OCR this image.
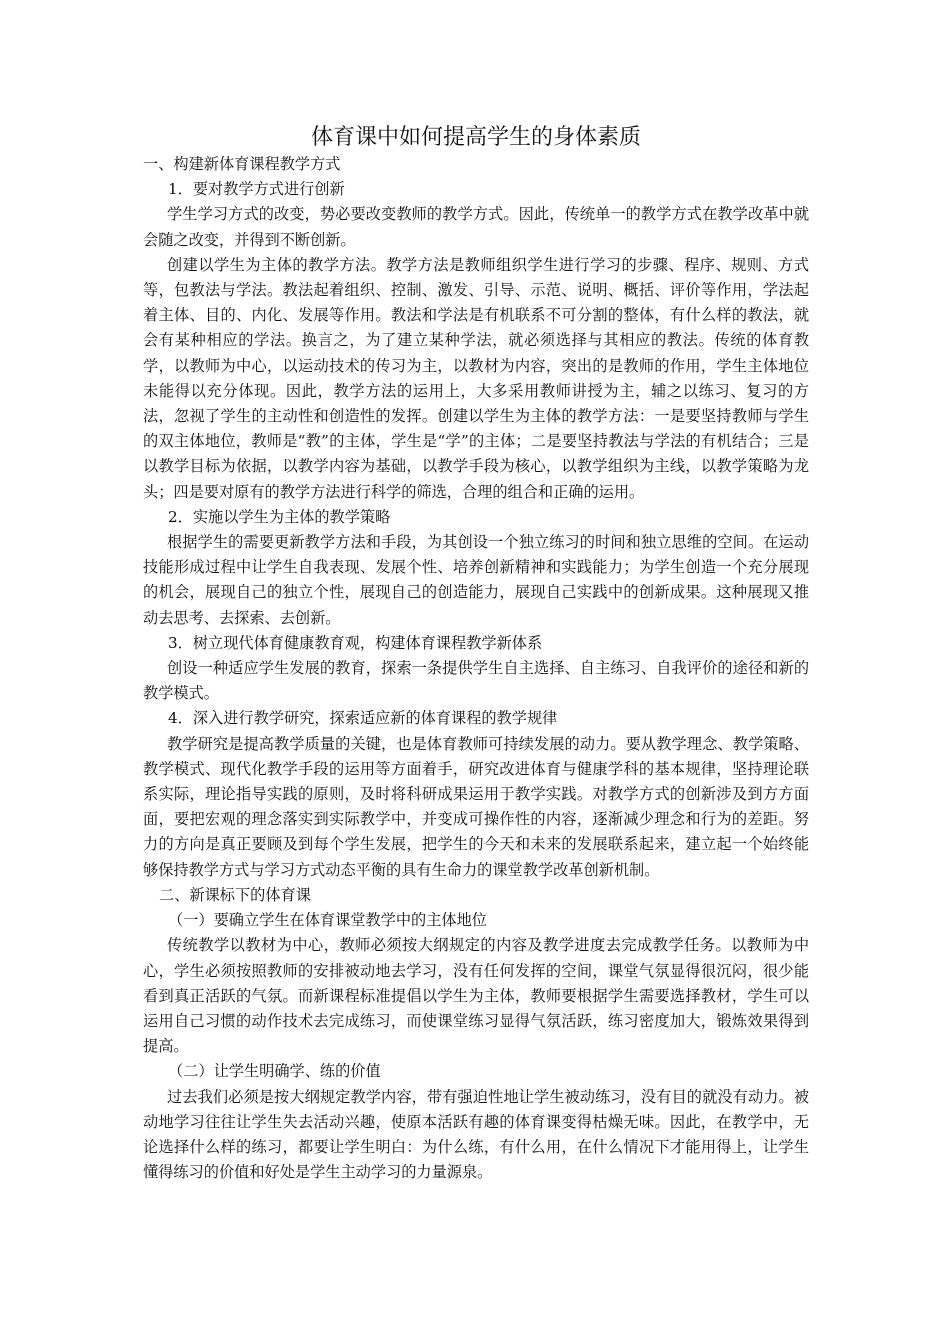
体育课中如何提高学生的身体素质
一、构建新体育课程教学方式
1．要对教学方式进行创新
学生学习方式的改变，势必要改变教师的教学方式。因此，传统单一的教学方式在教学改革中就会随之改变，并得到不断创新。
创建以学生为主体的教学方法。教学方法是教师组织学生进行学习的步骤、程序、规则、方式等，包教法与学法。教法起着组织、控制、激发、引导、示范、说明、概括、评价等作用，学法起着主体、目的、内化、发展等作用。教法和学法是有机联系不可分割的整体，有什么样的教法，就会有某种相应的学法。换言之，为了建立某种学法，就必须选择与其相应的教法。传统的体育教学，以教师为中心，以运动技术的传习为主，以教材为内容，突出的是教师的作用，学生主体地位未能得以充分体现。因此，教学方法的运用上，大多采用教师讲授为主，辅之以练习、复习的方法，忽视了学生的主动性和创造性的发挥。创建以学生为主体的教学方法：一是要坚持教师与学生的双主体地位，教师是“教”的主体，学生是“学”的主体；二是要坚持教法与学法的有机结合；三是以教学目标为依据，以教学内容为基础，以教学手段为核心，以教学组织为主线，以教学策略为龙头；四是要对原有的教学方法进行科学的筛选，合理的组合和正确的运用。
2．实施以学生为主体的教学策略
根据学生的需要更新教学方法和手段，为其创设一个独立练习的时间和独立思维的空间。在运动技能形成过程中让学生自我表现、发展个性、培养创新精神和实践能力；为学生创造一个充分展现的机会，展现自己的独立个性，展现自己的创造能力，展现自己实践中的创新成果。这种展现又推动去思考、去探索、去创新。
3．树立现代体育健康教育观，构建体育课程教学新体系
创设一种适应学生发展的教育，探索一条提供学生自主选择、自主练习、自我评价的途径和新的教学模式。
4．深入进行教学研究，探索适应新的体育课程的教学规律
教学研究是提高教学质量的关键，也是体育教师可持续发展的动力。要从教学理念、教学策略、教学模式、现代化教学手段的运用等方面着手，研究改进体育与健康学科的基本规律，坚持理论联系实际，理论指导实践的原则，及时将科研成果运用于教学实践。对教学方式的创新涉及到方方面面，要把宏观的理念落实到实际教学中，并变成可操作性的内容，逐渐减少理念和行为的差距。努力的方向是真正要顾及到每个学生发展，把学生的今天和未来的发展联系起来，建立起一个始终能够保持教学方式与学习方式动态平衡的具有生命力的课堂教学改革创新机制。
二、新课标下的体育课
（一）要确立学生在体育课堂教学中的主体地位
传统教学以教材为中心，教师必须按大纲规定的内容及教学进度去完成教学任务。以教师为中心，学生必须按照教师的安排被动地去学习，没有任何发挥的空间，课堂气氛显得很沉闷，很少能看到真正活跃的气氛。而新课程标准提倡以学生为主体，教师要根据学生需要选择教材，学生可以运用自己习惯的动作技术去完成练习，而使课堂练习显得气氛活跃，练习密度加大，锻炼效果得到提高。
（二）让学生明确学、练的价值
过去我们必须是按大纲规定教学内容，带有强迫性地让学生被动练习，没有目的就没有动力。被动地学习往往让学生失去活动兴趣，使原本活跃有趣的体育课变得枯燥无味。因此，在教学中，无论选择什么样的练习，都要让学生明白：为什么练，有什么用，在什么情况下才能用得上，让学生懂得练习的价值和好处是学生主动学习的力量源泉。
